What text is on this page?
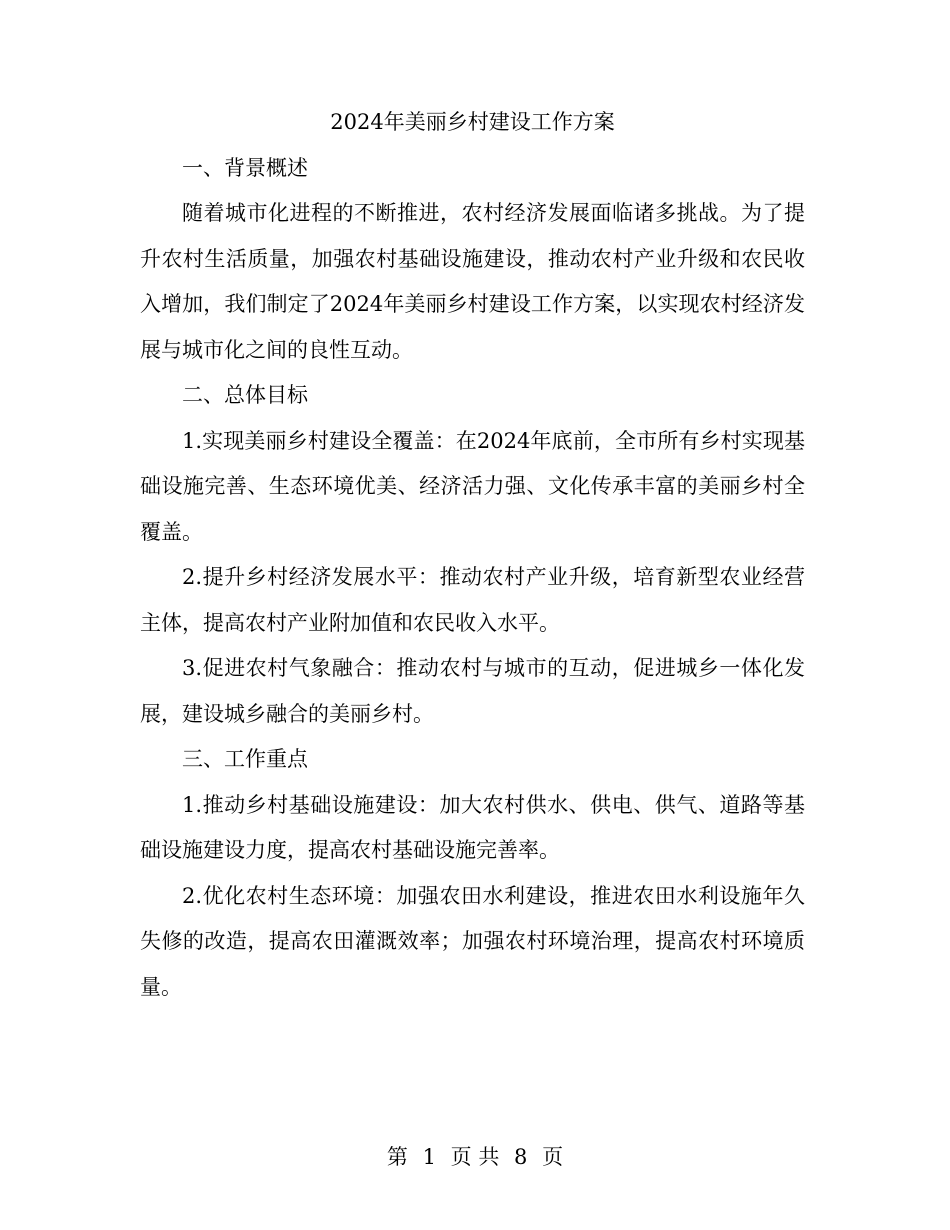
2024年美丽乡村建设工作方案

一、背景概述

随着城市化进程的不断推进，农村经济发展面临诸多挑战。为了提升农村生活质量，加强农村基础设施建设，推动农村产业升级和农民收入增加，我们制定了2024年美丽乡村建设工作方案，以实现农村经济发展与城市化之间的良性互动。

二、总体目标

1.实现美丽乡村建设全覆盖：在2024年底前，全市所有乡村实现基础设施完善、生态环境优美、经济活力强、文化传承丰富的美丽乡村全覆盖。

2.提升乡村经济发展水平：推动农村产业升级，培育新型农业经营主体，提高农村产业附加值和农民收入水平。

3.促进农村气象融合：推动农村与城市的互动，促进城乡一体化发展，建设城乡融合的美丽乡村。

三、工作重点

1.推动乡村基础设施建设：加大农村供水、供电、供气、道路等基础设施建设力度，提高农村基础设施完善率。

2.优化农村生态环境：加强农田水利建设，推进农田水利设施年久失修的改造，提高农田灌溉效率；加强农村环境治理，提高农村环境质量。

第 1 页 共 8 页
